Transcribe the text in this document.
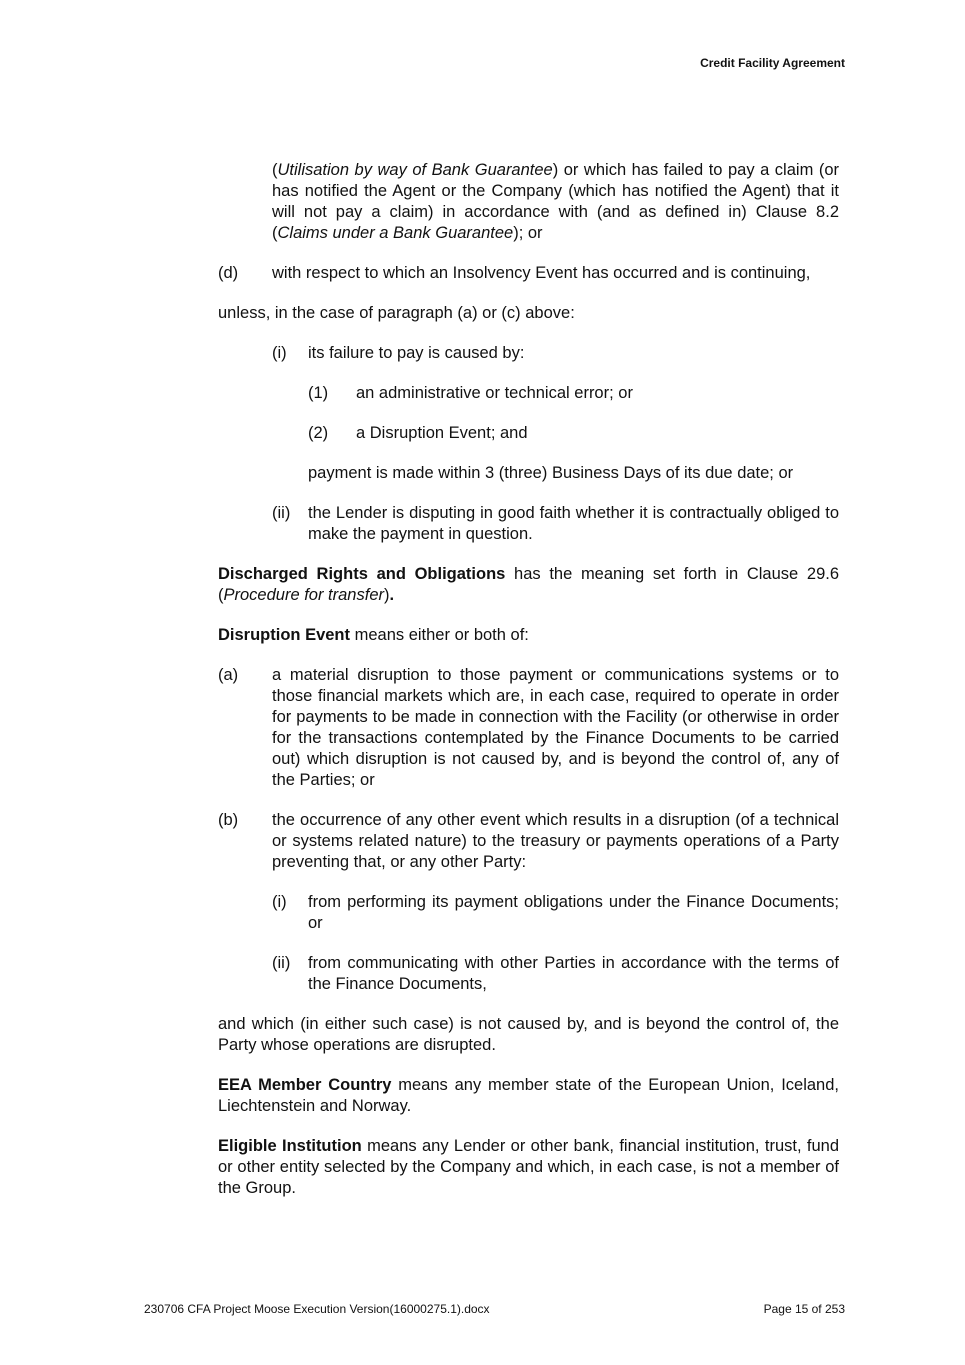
Credit Facility Agreement

(Utilisation by way of Bank Guarantee) or which has failed to pay a claim (or has notified the Agent or the Company (which has notified the Agent) that it will not pay a claim) in accordance with (and as defined in) Clause 8.2 (Claims under a Bank Guarantee); or

(d)	with respect to which an Insolvency Event has occurred and is continuing,

unless, in the case of paragraph (a) or (c) above:

(i)	its failure to pay is caused by:
(1)	an administrative or technical error; or
(2)	a Disruption Event; and

payment is made within 3 (three) Business Days of its due date; or

(ii)	the Lender is disputing in good faith whether it is contractually obliged to make the payment in question.

Discharged Rights and Obligations has the meaning set forth in Clause 29.6 (Procedure for transfer).

Disruption Event means either or both of:

(a)	a material disruption to those payment or communications systems or to those financial markets which are, in each case, required to operate in order for payments to be made in connection with the Facility (or otherwise in order for the transactions contemplated by the Finance Documents to be carried out) which disruption is not caused by, and is beyond the control of, any of the Parties; or
(b)	the occurrence of any other event which results in a disruption (of a technical or systems related nature) to the treasury or payments operations of a Party preventing that, or any other Party:
(i)	from performing its payment obligations under the Finance Documents; or
(ii)	from communicating with other Parties in accordance with the terms of the Finance Documents,

and which (in either such case) is not caused by, and is beyond the control of, the Party whose operations are disrupted.

EEA Member Country means any member state of the European Union, Iceland, Liechtenstein and Norway.

Eligible Institution means any Lender or other bank, financial institution, trust, fund or other entity selected by the Company and which, in each case, is not a member of the Group.

230706 CFA Project Moose Execution Version(16000275.1).docx	Page 15 of 253
